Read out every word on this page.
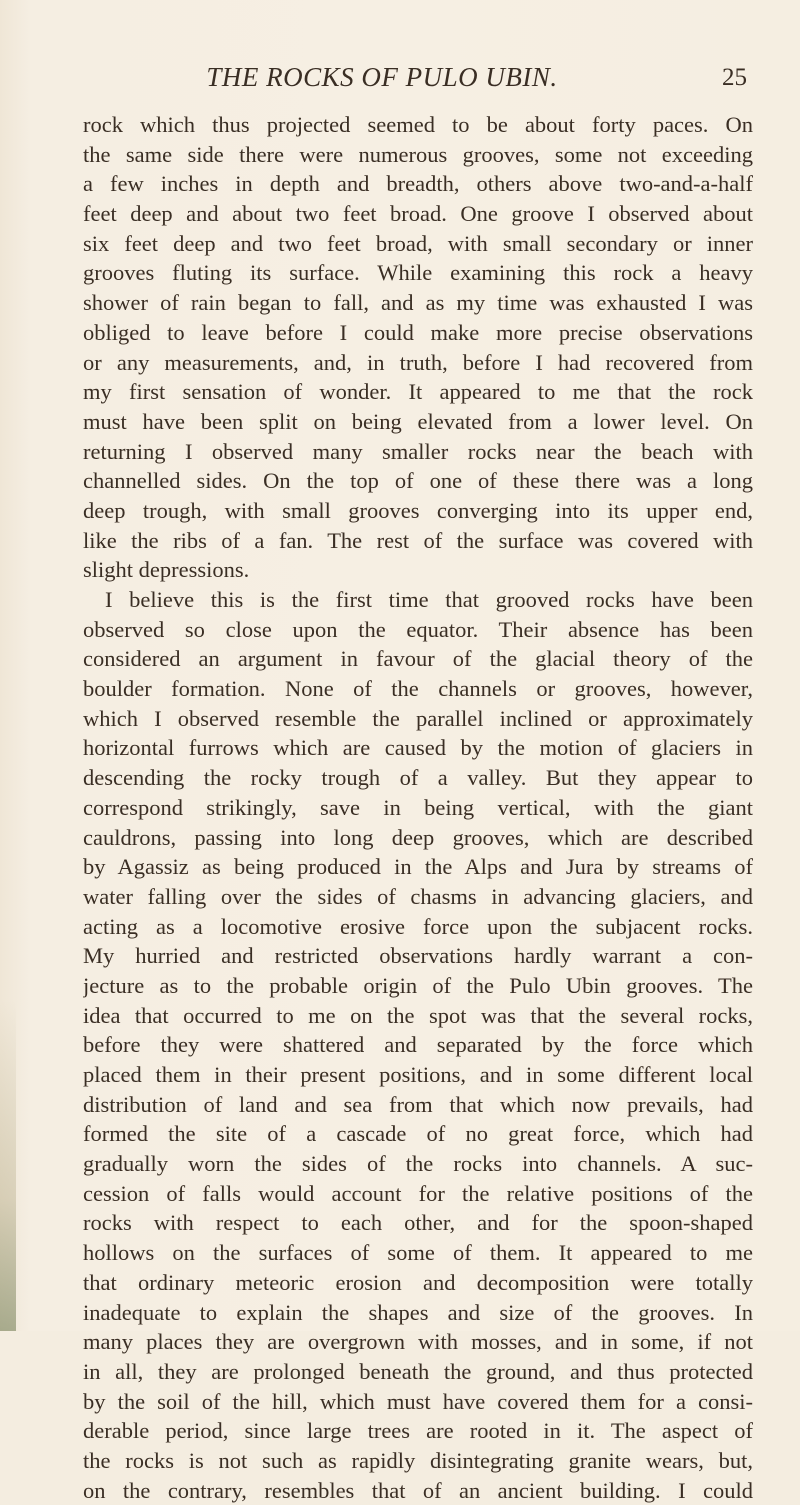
THE ROCKS OF PULO UBIN.	25
rock which thus projected seemed to be about forty paces. On
the same side there were numerous grooves, some not exceeding
a few inches in depth and breadth, others above two-and-a-half
feet deep and about two feet broad. One groove I observed about
six feet deep and two feet broad, with small secondary or inner
grooves fluting its surface. While examining this rock a heavy
shower of rain began to fall, and as my time was exhausted I was
obliged to leave before I could make more precise observations
or any measurements, and, in truth, before I had recovered from
my first sensation of wonder. It appeared to me that the rock
must have been split on being elevated from a lower level. On
returning I observed many smaller rocks near the beach with
channelled sides. On the top of one of these there was a long
deep trough, with small grooves converging into its upper end,
like the ribs of a fan. The rest of the surface was covered with
slight depressions.
I believe this is the first time that grooved rocks have been
observed so close upon the equator. Their absence has been
considered an argument in favour of the glacial theory of the
boulder formation. None of the channels or grooves, however,
which I observed resemble the parallel inclined or approximately
horizontal furrows which are caused by the motion of glaciers in
descending the rocky trough of a valley. But they appear to
correspond strikingly, save in being vertical, with the giant
cauldrons, passing into long deep grooves, which are described
by Agassiz as being produced in the Alps and Jura by streams of
water falling over the sides of chasms in advancing glaciers, and
acting as a locomotive erosive force upon the subjacent rocks.
My hurried and restricted observations hardly warrant a con-
jecture as to the probable origin of the Pulo Ubin grooves. The
idea that occurred to me on the spot was that the several rocks,
before they were shattered and separated by the force which
placed them in their present positions, and in some different local
distribution of land and sea from that which now prevails, had
formed the site of a cascade of no great force, which had
gradually worn the sides of the rocks into channels. A suc-
cession of falls would account for the relative positions of the
rocks with respect to each other, and for the spoon-shaped
hollows on the surfaces of some of them. It appeared to me
that ordinary meteoric erosion and decomposition were totally
inadequate to explain the shapes and size of the grooves. In
many places they are overgrown with mosses, and in some, if not
in all, they are prolonged beneath the ground, and thus protected
by the soil of the hill, which must have covered them for a consi-
derable period, since large trees are rooted in it. The aspect of
the rocks is not such as rapidly disintegrating granite wears, but,
on the contrary, resembles that of an ancient building. I could
